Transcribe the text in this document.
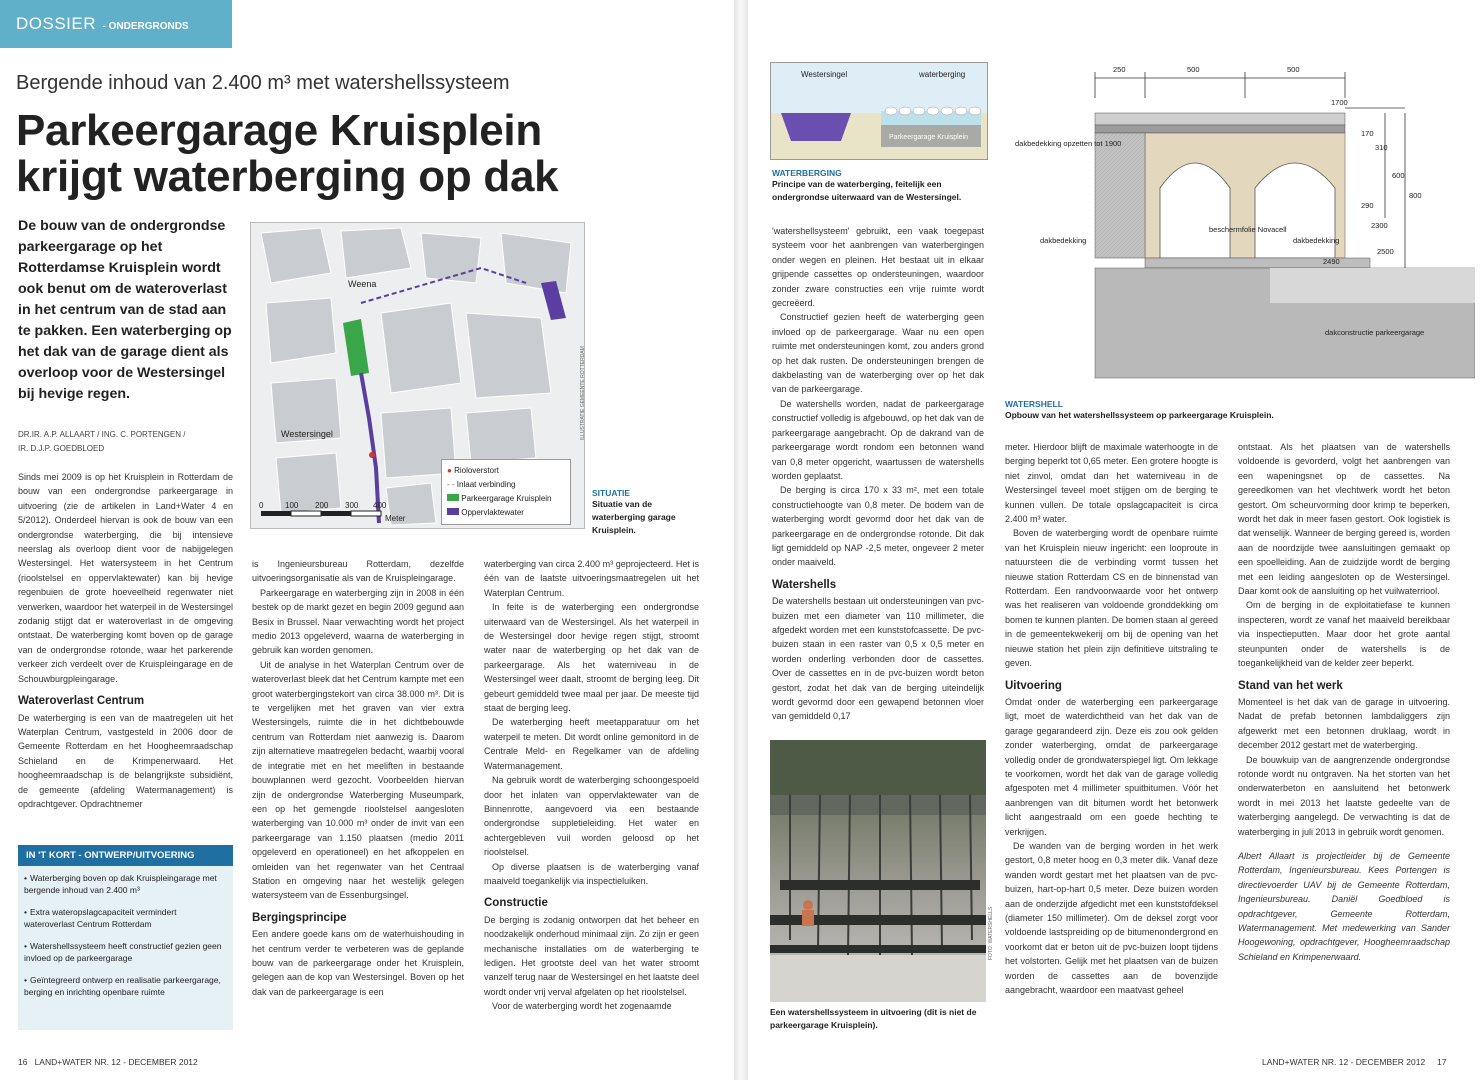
DOSSIER - ONDERGRONDS
Bergende inhoud van 2.400 m³ met watershellssysteem
Parkeergarage Kruisplein
krijgt waterberging op dak
De bouw van de ondergrondse parkeergarage op het Rotterdamse Kruisplein wordt ook benut om de wateroverlast in het centrum van de stad aan te pakken. Een waterberging op het dak van de garage dient als overloop voor de Westersingel bij hevige regen.
DR.IR. A.P. ALLAART / ING. C. PORTENGEN /
IR. D.J.P. GOEDBLOED

Sinds mei 2009 is op het Kruisplein in Rotterdam de bouw van een ondergrondse parkeergarage in uitvoering (zie de artikelen in Land+Water 4 en 5/2012). Onderdeel hiervan is ook de bouw van een ondergrondse waterberging, die bij intensieve neerslag als overloop dient voor de nabijgelegen Westersingel. Het watersysteem in het Centrum (rioolstelsel en oppervlaktewater) kan bij hevige regenbuien de grote hoeveelheid regenwater niet verwerken, waardoor het waterpeil in de Westersingel zodanig stijgt dat er wateroverlast in de omgeving ontstaat. De waterberging komt boven op de garage van de ondergrondse rotonde, waar het parkerende verkeer zich verdeelt over de Kruispleingarage en de Schouwburgpleingarage.

Wateroverlast Centrum

De waterberging is een van de maatregelen uit het Waterplan Centrum, vastgesteld in 2006 door de Gemeente Rotterdam en het Hoogheemraadschap Schieland en de Krimpenerwaard. Het hoogheemraadschap is de belangrijkste subsidiënt, de gemeente (afdeling Watermanagement) is opdrachtgever. Opdrachtnemer

IN 'T KORT - ONTWERP/UITVOERING
• Waterberging boven op dak Kruispleingarage met bergende inhoud van 2.400 m³
• Extra wateropslagcapaciteit vermindert wateroverlast Centrum Rotterdam
• Watershellssysteem heeft constructief gezien geen invloed op de parkeergarage
• Geïntegreerd ontwerp en realisatie parkeergarage, berging en inrichting openbare ruimte
Weena
Westersingel
0	100 200 300 400
Meter
● Rioloverstort
- - Inlaat verbinding
Parkeergarage Kruisplein
Oppervlaktewater
ILLUSTRATIE GEMEENTE ROTTERDAM
SITUATIE
Situatie van de waterberging garage Kruisplein.

is Ingenieursbureau Rotterdam, dezelfde uitvoeringsorganisatie als van de Kruispleingarage.

Parkeergarage en waterberging zijn in 2008 in één bestek op de markt gezet en begin 2009 gegund aan Besix in Brussel. Naar verwachting wordt het project medio 2013 opgeleverd, waarna de waterberging in gebruik kan worden genomen.

Uit de analyse in het Waterplan Centrum over de wateroverlast bleek dat het Centrum kampte met een groot waterbergingstekort van circa 38.000 m³. Dit is te vergelijken met het graven van vier extra Westersingels, ruimte die in het dichtbebouwde centrum van Rotterdam niet aanwezig is. Daarom zijn alternatieve maatregelen bedacht, waarbij vooral de integratie met en het meeliften in bestaande bouwplannen werd gezocht. Voorbeelden hiervan zijn de ondergrondse Waterberging Museumpark, een op het gemengde rioolstelsel aangesloten waterberging van 10.000 m³ onder de invit van een parkeergarage van 1.150 plaatsen (medio 2011 opgeleverd en operationeel) en het afkoppelen en omleiden van het regenwater van het Centraal Station en omgeving naar het westelijk gelegen watersysteem van de Essenburgsingel.

Bergingsprincipe

Een andere goede kans om de waterhuishouding in het centrum verder te verbeteren was de geplande bouw van de parkeergarage onder het Kruisplein, gelegen aan de kop van Westersingel. Boven op het dak van de parkeergarage is een

waterberging van circa 2.400 m³ geprojecteerd. Het is één van de laatste uitvoeringsmaatregelen uit het Waterplan Centrum.

In feite is de waterberging een ondergrondse uiterwaard van de Westersingel. Als het waterpeil in de Westersingel door hevige regen stijgt, stroomt water naar de waterberging op het dak van de parkeergarage. Als het waterniveau in de Westersingel weer daalt, stroomt de berging leeg. Dit gebeurt gemiddeld twee maal per jaar. De meeste tijd staat de berging leeg.

De waterberging heeft meetapparatuur om het waterpeil te meten. Dit wordt online gemonitord in de Centrale Meld- en Regelkamer van de afdeling Watermanagement.

Na gebruik wordt de waterberging schoongespoeld door het inlaten van oppervlaktewater van de Binnenrotte, aangevoerd via een bestaande ondergrondse suppletieleiding. Het water en achtergebleven vuil worden geloosd op het rioolstelsel.

Op diverse plaatsen is de waterberging vanaf maaiveld toegankelijk via inspectieluiken.

Constructie

De berging is zodanig ontworpen dat het beheer en noodzakelijk onderhoud minimaal zijn. Zo zijn er geen mechanische installaties om de waterberging te ledigen. Het grootste deel van het water stroomt vanzelf terug naar de Westersingel en het laatste deel wordt onder vrij verval afgelaten op het rioolstelsel.

Voor de waterberging wordt het zogenaamde

16 LAND+WATER NR. 12 - DECEMBER 2012
Westersingel	waterberging
Parkeergarage Kruisplein
WATERBERGING
Principe van de waterberging, feitelijk een ondergrondse uiterwaard van de Westersingel.

'watershellsysteem' gebruikt, een vaak toegepast systeem voor het aanbrengen van waterbergingen onder wegen en pleinen. Het bestaat uit in elkaar grijpende cassettes op ondersteuningen, waardoor zonder zware constructies een vrije ruimte wordt gecreëerd.

Constructief gezien heeft de waterberging geen invloed op de parkeergarage. Waar nu een open ruimte met ondersteuningen komt, zou anders grond op het dak rusten. De ondersteuningen brengen de dakbelasting van de waterberging over op het dak van de parkeergarage.

De watershells worden, nadat de parkeergarage constructief volledig is afgebouwd, op het dak van de parkeergarage aangebracht. Op de dakrand van de parkeergarage wordt rondom een betonnen wand van 0,8 meter opgericht, waartussen de watershells worden geplaatst.

De berging is circa 170 x 33 m², met een totale constructiehoogte van 0,8 meter. De bodem van de waterberging wordt gevormd door het dak van de parkeergarage en de ondergrondse rotonde. Dit dak ligt gemiddeld op NAP -2,5 meter, ongeveer 2 meter onder maaiveld.

Watershells

De watershells bestaan uit ondersteuningen van pvc-buizen met een diameter van 110 millimeter, die afgedekt worden met een kunststofcassette. De pvc-buizen staan in een raster van 0,5 x 0,5 meter en worden onderling verbonden door de cassettes. Over de cassettes en in de pvc-buizen wordt beton gestort, zodat het dak van de berging uiteindelijk wordt gevormd door een gewapend betonnen vloer van gemiddeld 0,17

FOTO: WATERSHELLS
Een watershellssysteem in uitvoering (dit is niet de parkeergarage Kruisplein).
250	500	500
1700
170
310
290
600
800
2300
2500
2490
dakbedekking opzetten tot 1900
dakbedekking	dakbedekking
beschermfolie Novacell
dakconstructie parkeergarage
WATERSHELL
Opbouw van het watershellssysteem op parkeergarage Kruisplein.

meter. Hierdoor blijft de maximale waterhoogte in de berging beperkt tot 0,65 meter. Een grotere hoogte is niet zinvol, omdat dan het waterniveau in de Westersingel teveel moet stijgen om de berging te kunnen vullen. De totale opslagcapaciteit is circa 2.400 m³ water.

Boven de waterberging wordt de openbare ruimte van het Kruisplein nieuw ingericht: een looproute in natuursteen die de verbinding vormt tussen het nieuwe station Rotterdam CS en de binnenstad van Rotterdam. Een randvoorwaarde voor het ontwerp was het realiseren van voldoende gronddekking om bomen te kunnen planten. De bomen staan al gereed in de gemeentekwekerij om bij de opening van het nieuwe station het plein zijn definitieve uitstraling te geven.

Uitvoering

Omdat onder de waterberging een parkeergarage ligt, moet de waterdichtheid van het dak van de garage gegarandeerd zijn. Deze eis zou ook gelden zonder waterberging, omdat de parkeergarage volledig onder de grondwaterspiegel ligt. Om lekkage te voorkomen, wordt het dak van de garage volledig afgespoten met 4 millimeter spuitbitumen. Vóór het aanbrengen van dit bitumen wordt het betonwerk licht aangestraald om een goede hechting te verkrijgen.

De wanden van de berging worden in het werk gestort, 0,8 meter hoog en 0,3 meter dik. Vanaf deze wanden wordt gestart met het plaatsen van de pvc-buizen, hart-op-hart 0,5 meter. Deze buizen worden aan de onderzijde afgedicht met een kunststofdeksel (diameter 150 millimeter). Om de deksel zorgt voor voldoende lastspreiding op de bitumenondergrond en voorkomt dat er beton uit de pvc-buizen loopt tijdens het volstorten. Gelijk met het plaatsen van de buizen worden de cassettes aan de bovenzijde aangebracht, waardoor een maatvast geheel

ontstaat. Als het plaatsen van de watershells voldoende is gevorderd, volgt het aanbrengen van een wapeningsnet op de cassettes. Na gereedkomen van het vlechtwerk wordt het beton gestort. Om scheurvorming door krimp te beperken, wordt het dak in meer fasen gestort. Ook logistiek is dat wenselijk. Wanneer de berging gereed is, worden aan de noordzijde twee aansluitingen gemaakt op een spoelleiding. Aan de zuidzijde wordt de berging met een leiding aangesloten op de Westersingel. Daar komt ook de aansluiting op het vuilwaterriool.

Om de berging in de exploitatiefase te kunnen inspecteren, wordt ze vanaf het maaiveld bereikbaar via inspectieputten. Maar door het grote aantal steunpunten onder de watershells is de toegankelijkheid van de kelder zeer beperkt.

Stand van het werk

Momenteel is het dak van de garage in uitvoering. Nadat de prefab betonnen lambdaliggers zijn afgewerkt met een betonnen druklaag, wordt in december 2012 gestart met de waterberging.

De bouwkuip van de aangrenzende ondergrondse rotonde wordt nu ontgraven. Na het storten van het onderwaterbeton en aansluitend het betonwerk wordt in mei 2013 het laatste gedeelte van de waterberging aangelegd. De verwachting is dat de waterberging in juli 2013 in gebruik wordt genomen.

Albert Allaart is projectleider bij de Gemeente Rotterdam, Ingenieursbureau. Kees Portengen is directievoerder UAV bij de Gemeente Rotterdam, Ingenieursbureau. Daniël Goedbloed is opdrachtgever, Gemeente Rotterdam, Watermanagement. Met medewerking van Sander Hoogewoning, opdrachtgever, Hoogheemraadschap Schieland en Krimpenerwaard.

LAND+WATER NR. 12 - DECEMBER 2012 17
